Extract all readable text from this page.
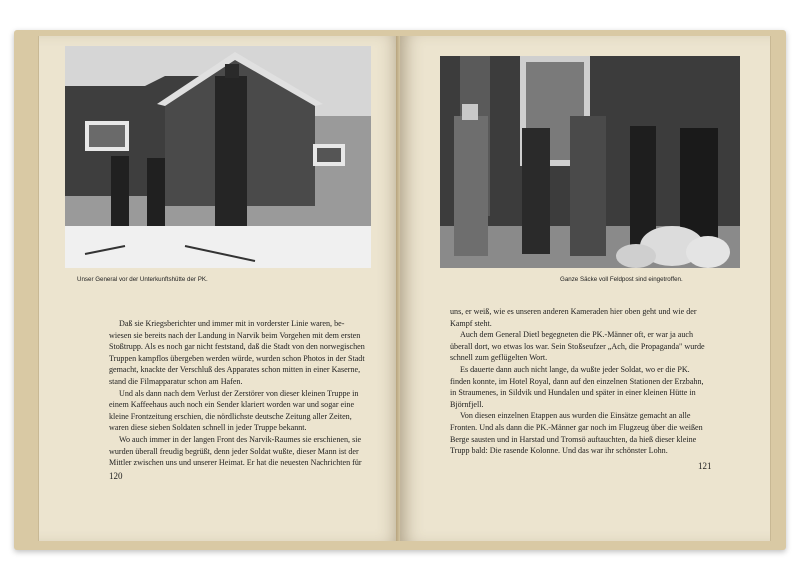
Unser General vor der Unterkunftshütte der PK.
Daß sie Kriegsberichter und immer mit in vorderster Linie waren, be-
wiesen sie bereits nach der Landung in Narvik beim Vorgehen mit dem ersten
Stoßtrupp. Als es noch gar nicht feststand, daß die Stadt von den norwegischen
Truppen kampflos übergeben werden würde, wurden schon Photos in der Stadt
gemacht, knackte der Verschluß des Apparates schon mitten in einer Kaserne,
stand die Filmapparatur schon am Hafen.
Und als dann nach dem Verlust der Zerstörer von dieser kleinen Truppe in
einem Kaffeehaus auch noch ein Sender klariert worden war und sogar eine
kleine Frontzeitung erschien, die nördlichste deutsche Zeitung aller Zeiten,
waren diese sieben Soldaten schnell in jeder Truppe bekannt.
Wo auch immer in der langen Front des Narvik-Raumes sie erschienen, sie
wurden überall freudig begrüßt, denn jeder Soldat wußte, dieser Mann ist der
Mittler zwischen uns und unserer Heimat. Er hat die neuesten Nachrichten für
120
Ganze Säcke voll Feldpost sind eingetroffen.
uns, er weiß, wie es unseren anderen Kameraden hier oben geht und wie der
Kampf steht.
Auch dem General Dietl begegneten die PK.-Männer oft, er war ja auch
überall dort, wo etwas los war. Sein Stoßseufzer „Ach, die Propaganda" wurde
schnell zum geflügelten Wort.
Es dauerte dann auch nicht lange, da wußte jeder Soldat, wo er die PK.
finden konnte, im Hotel Royal, dann auf den einzelnen Stationen der Erzbahn,
in Straumenes, in Sildvik und Hundalen und später in einer kleinen Hütte in
Björnfjell.
Von diesen einzelnen Etappen aus wurden die Einsätze gemacht an alle
Fronten. Und als dann die PK.-Männer gar noch im Flugzeug über die weißen
Berge sausten und in Harstad und Tromsö auftauchten, da hieß dieser kleine
Trupp bald: Die rasende Kolonne. Und das war ihr schönster Lohn.
121
